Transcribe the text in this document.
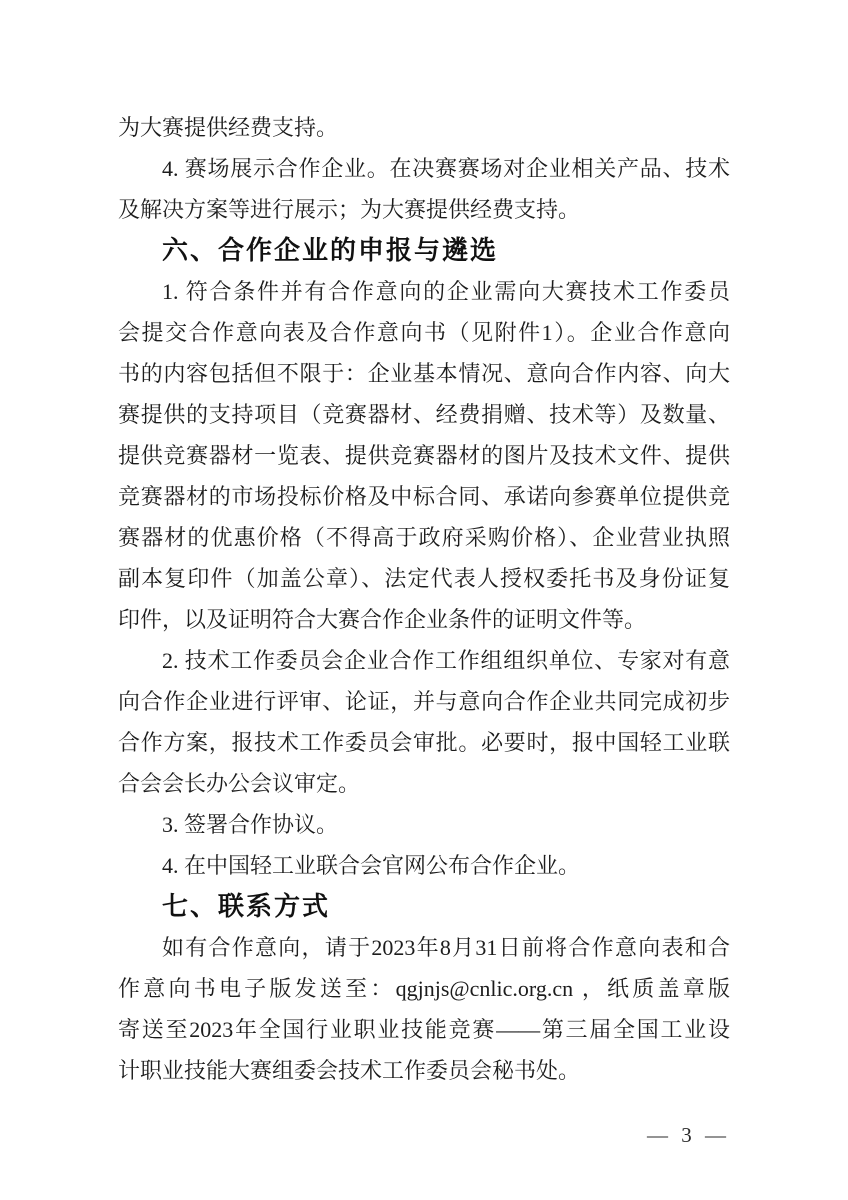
为大赛提供经费支持。
4. 赛场展示合作企业。在决赛赛场对企业相关产品、技术
及解决方案等进行展示；为大赛提供经费支持。
六、合作企业的申报与遴选
1. 符合条件并有合作意向的企业需向大赛技术工作委员
会提交合作意向表及合作意向书（见附件1）。企业合作意向
书的内容包括但不限于：企业基本情况、意向合作内容、向大
赛提供的支持项目（竞赛器材、经费捐赠、技术等）及数量、
提供竞赛器材一览表、提供竞赛器材的图片及技术文件、提供
竞赛器材的市场投标价格及中标合同、承诺向参赛单位提供竞
赛器材的优惠价格（不得高于政府采购价格）、企业营业执照
副本复印件（加盖公章）、法定代表人授权委托书及身份证复
印件，以及证明符合大赛合作企业条件的证明文件等。
2. 技术工作委员会企业合作工作组组织单位、专家对有意
向合作企业进行评审、论证，并与意向合作企业共同完成初步
合作方案，报技术工作委员会审批。必要时，报中国轻工业联
合会会长办公会议审定。
3. 签署合作协议。
4. 在中国轻工业联合会官网公布合作企业。
七、联系方式
如有合作意向，请于2023年8月31日前将合作意向表和合
作意向书电子版发送至：qgjnjs@cnlic.org.cn ，纸质盖章版
寄送至2023年全国行业职业技能竞赛——第三届全国工业设
计职业技能大赛组委会技术工作委员会秘书处。
— 3 —
